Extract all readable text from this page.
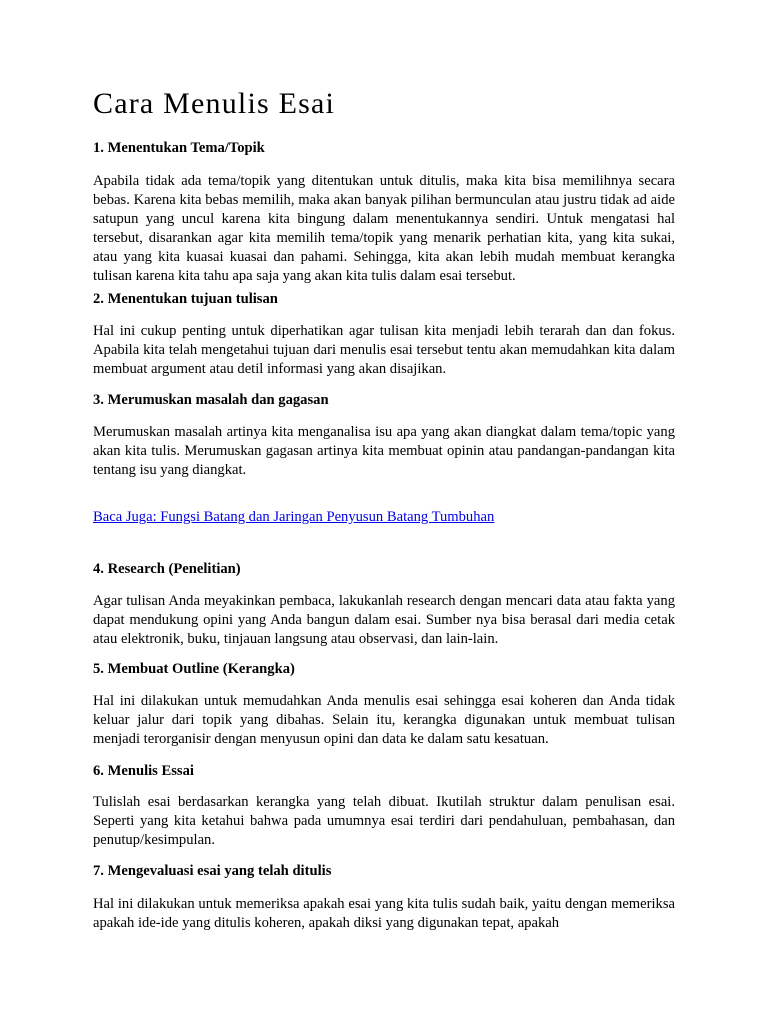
Cara Menulis Esai
1. Menentukan Tema/Topik

Apabila tidak ada tema/topik yang ditentukan untuk ditulis, maka kita bisa memilihnya secara bebas. Karena kita bebas memilih, maka akan banyak pilihan bermunculan atau justru tidak ad aide satupun yang uncul karena kita bingung dalam menentukannya sendiri. Untuk mengatasi hal tersebut, disarankan agar kita memilih tema/topik yang menarik perhatian kita, yang kita sukai, atau yang kita kuasai kuasai dan pahami. Sehingga, kita akan lebih mudah membuat kerangka tulisan karena kita tahu apa saja yang akan kita tulis dalam esai tersebut.

2. Menentukan tujuan tulisan

Hal ini cukup penting untuk diperhatikan agar tulisan kita menjadi lebih terarah dan dan fokus. Apabila kita telah mengetahui tujuan dari menulis esai tersebut tentu akan memudahkan kita dalam membuat argument atau detil informasi yang akan disajikan.

3. Merumuskan masalah dan gagasan

Merumuskan masalah artinya kita menganalisa isu apa yang akan diangkat dalam tema/topic yang akan kita tulis. Merumuskan gagasan artinya kita membuat opinin atau pandangan-pandangan kita tentang isu yang diangkat.

Baca Juga: Fungsi Batang dan Jaringan Penyusun Batang Tumbuhan
4. Research (Penelitian)

Agar tulisan Anda meyakinkan pembaca, lakukanlah research dengan mencari data atau fakta yang dapat mendukung opini yang Anda bangun dalam esai. Sumber nya bisa berasal dari media cetak atau elektronik, buku, tinjauan langsung atau observasi, dan lain-lain.

5. Membuat Outline (Kerangka)

Hal ini dilakukan untuk memudahkan Anda menulis esai sehingga esai koheren dan Anda tidak keluar jalur dari topik yang dibahas. Selain itu, kerangka digunakan untuk membuat tulisan menjadi terorganisir dengan menyusun opini dan data ke dalam satu kesatuan.

6. Menulis Essai

Tulislah esai berdasarkan kerangka yang telah dibuat. Ikutilah struktur dalam penulisan esai. Seperti yang kita ketahui bahwa pada umumnya esai terdiri dari pendahuluan, pembahasan, dan penutup/kesimpulan.

7. Mengevaluasi esai yang telah ditulis

Hal ini dilakukan untuk memeriksa apakah esai yang kita tulis sudah baik, yaitu dengan memeriksa apakah ide-ide yang ditulis koheren, apakah diksi yang digunakan tepat, apakah
